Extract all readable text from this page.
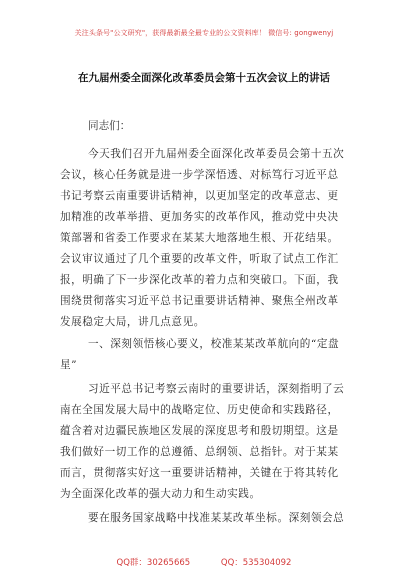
关注头条号"公文研究"，获得最新最全最专业的公文资料库！ 微信号: gongwenyj
在九届州委全面深化改革委员会第十五次会议上的讲话
同志们：
今天我们召开九届州委全面深化改革委员会第十五次
会议，核心任务就是进一步学深悟透、对标笃行习近平总
书记考察云南重要讲话精神，以更加坚定的改革意志、更
加精准的改革举措、更加务实的改革作风，推动党中央决
策部署和省委工作要求在某某大地落地生根、开花结果。
会议审议通过了几个重要的改革文件，听取了试点工作汇
报，明确了下一步深化改革的着力点和突破口。下面，我
围绕贯彻落实习近平总书记重要讲话精神、聚焦全州改革
发展稳定大局，讲几点意见。
一、深刻领悟核心要义，校准某某改革航向的“定盘
星”
习近平总书记考察云南时的重要讲话，深刻指明了云
南在全国发展大局中的战略定位、历史使命和实践路径，
蕴含着对边疆民族地区发展的深度思考和殷切期望。这是
我们做好一切工作的总遵循、总纲领、总指针。对于某某
而言，贯彻落实好这一重要讲话精神，关键在于将其转化
为全面深化改革的强大动力和生动实践。
要在服务国家战略中找准某某改革坐标。深刻领会总
QQ群：30265665	QQ：535304092
